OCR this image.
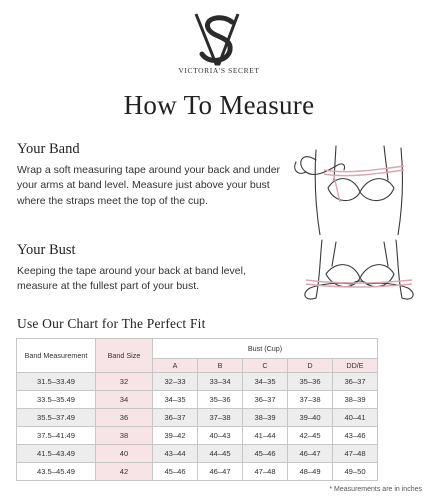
VICTORIA'S SECRET
How To Measure
Your Band
Wrap a soft measuring tape around your back and under your arms at band level. Measure just above your bust where the straps meet the top of the cup.
Your Bust
Keeping the tape around your back at band level, measure at the fullest part of your bust.
Use Our Chart for The Perfect Fit
Band Measurement	Band Size	Bust (Cup)				
		A	B	C	D	DD/E
31.5–33.49	32	32–33	33–34	34–35	35–36	36–37
33.5–35.49	34	34–35	35–36	36–37	37–38	38–39
35.5–37.49	36	36–37	37–38	38–39	39–40	40–41
37.5–41.49	38	39–42	40–43	41–44	42–45	43–46
41.5–43.49	40	43–44	44–45	45–46	46–47	47–48
43.5–45.49	42	45–46	46–47	47–48	48–49	49–50
* Measurements are in inches
